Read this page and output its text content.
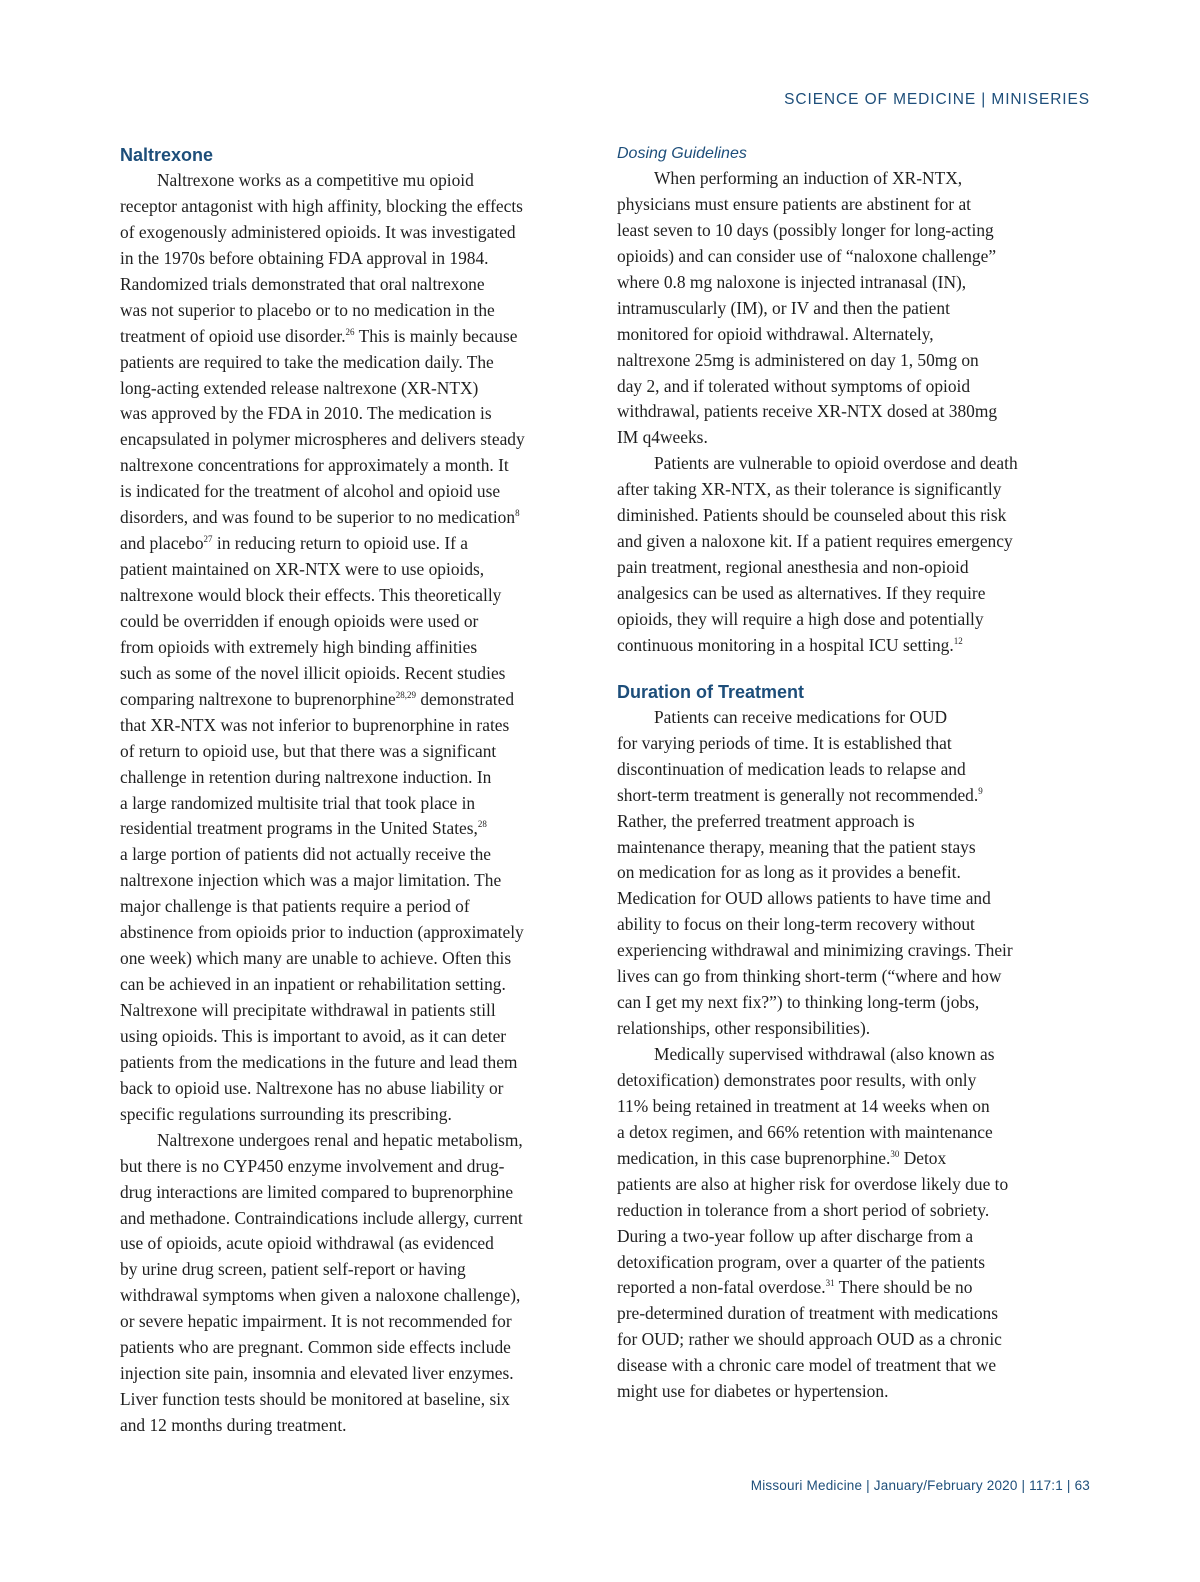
SCIENCE OF MEDICINE | MINISERIES
Naltrexone
Naltrexone works as a competitive mu opioid
receptor antagonist with high affinity, blocking the effects
of exogenously administered opioids. It was investigated
in the 1970s before obtaining FDA approval in 1984.
Randomized trials demonstrated that oral naltrexone
was not superior to placebo or to no medication in the
treatment of opioid use disorder.$^{26}$ This is mainly because
patients are required to take the medication daily. The
long-acting extended release naltrexone (XR-NTX)
was approved by the FDA in 2010. The medication is
encapsulated in polymer microspheres and delivers steady
naltrexone concentrations for approximately a month. It
is indicated for the treatment of alcohol and opioid use
disorders, and was found to be superior to no medication$^8$
and placebo$^{27}$ in reducing return to opioid use. If a
patient maintained on XR-NTX were to use opioids,
naltrexone would block their effects. This theoretically
could be overridden if enough opioids were used or
from opioids with extremely high binding affinities
such as some of the novel illicit opioids. Recent studies
comparing naltrexone to buprenorphine$^{28,29}$ demonstrated
that XR-NTX was not inferior to buprenorphine in rates
of return to opioid use, but that there was a significant
challenge in retention during naltrexone induction. In
a large randomized multisite trial that took place in
residential treatment programs in the United States,$^{28}$
a large portion of patients did not actually receive the
naltrexone injection which was a major limitation. The
major challenge is that patients require a period of
abstinence from opioids prior to induction (approximately
one week) which many are unable to achieve. Often this
can be achieved in an inpatient or rehabilitation setting.
Naltrexone will precipitate withdrawal in patients still
using opioids. This is important to avoid, as it can deter
patients from the medications in the future and lead them
back to opioid use. Naltrexone has no abuse liability or
specific regulations surrounding its prescribing.
Naltrexone undergoes renal and hepatic metabolism,
but there is no CYP450 enzyme involvement and drug-
drug interactions are limited compared to buprenorphine
and methadone. Contraindications include allergy, current
use of opioids, acute opioid withdrawal (as evidenced
by urine drug screen, patient self-report or having
withdrawal symptoms when given a naloxone challenge),
or severe hepatic impairment. It is not recommended for
patients who are pregnant. Common side effects include
injection site pain, insomnia and elevated liver enzymes.
Liver function tests should be monitored at baseline, six
and 12 months during treatment.
Dosing Guidelines
When performing an induction of XR-NTX,
physicians must ensure patients are abstinent for at
least seven to 10 days (possibly longer for long-acting
opioids) and can consider use of “naloxone challenge”
where 0.8 mg naloxone is injected intranasal (IN),
intramuscularly (IM), or IV and then the patient
monitored for opioid withdrawal. Alternately,
naltrexone 25mg is administered on day 1, 50mg on
day 2, and if tolerated without symptoms of opioid
withdrawal, patients receive XR-NTX dosed at 380mg
IM q4weeks.
Patients are vulnerable to opioid overdose and death
after taking XR-NTX, as their tolerance is significantly
diminished. Patients should be counseled about this risk
and given a naloxone kit. If a patient requires emergency
pain treatment, regional anesthesia and non-opioid
analgesics can be used as alternatives. If they require
opioids, they will require a high dose and potentially
continuous monitoring in a hospital ICU setting.$^{12}$
Duration of Treatment
Patients can receive medications for OUD
for varying periods of time. It is established that
discontinuation of medication leads to relapse and
short-term treatment is generally not recommended.$^9$
Rather, the preferred treatment approach is
maintenance therapy, meaning that the patient stays
on medication for as long as it provides a benefit.
Medication for OUD allows patients to have time and
ability to focus on their long-term recovery without
experiencing withdrawal and minimizing cravings. Their
lives can go from thinking short-term (“where and how
can I get my next fix?”) to thinking long-term (jobs,
relationships, other responsibilities).
Medically supervised withdrawal (also known as
detoxification) demonstrates poor results, with only
11% being retained in treatment at 14 weeks when on
a detox regimen, and 66% retention with maintenance
medication, in this case buprenorphine.$^{30}$ Detox
patients are also at higher risk for overdose likely due to
reduction in tolerance from a short period of sobriety.
During a two-year follow up after discharge from a
detoxification program, over a quarter of the patients
reported a non-fatal overdose.$^{31}$ There should be no
pre-determined duration of treatment with medications
for OUD; rather we should approach OUD as a chronic
disease with a chronic care model of treatment that we
might use for diabetes or hypertension.
Missouri Medicine | January/February 2020 | 117:1 | 63
